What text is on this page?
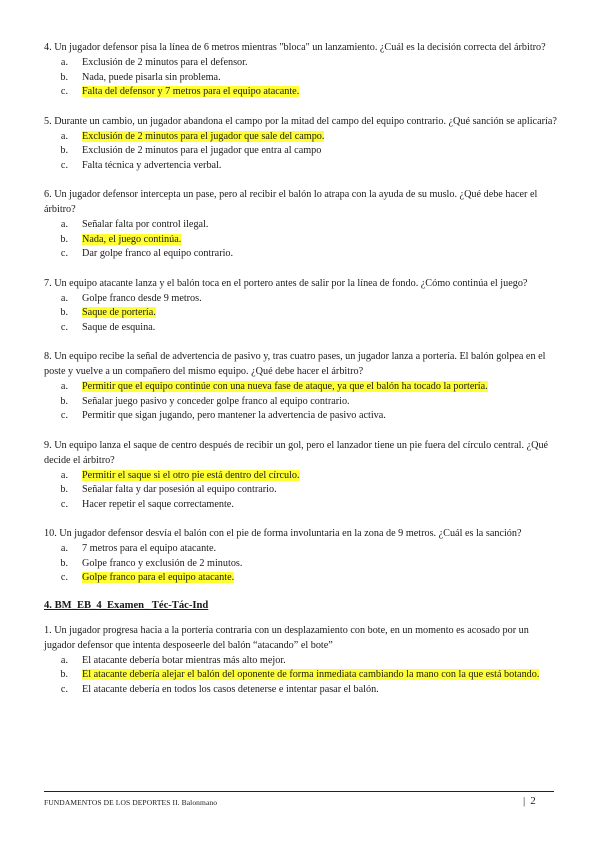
4. Un jugador defensor pisa la línea de 6 metros mientras "bloca" un lanzamiento. ¿Cuál es la decisión correcta del árbitro?

a.	Exclusión de 2 minutos para el defensor.
b.	Nada, puede pisarla sin problema.
c.	Falta del defensor y 7 metros para el equipo atacante.

5. Durante un cambio, un jugador abandona el campo por la mitad del campo del equipo contrario. ¿Qué sanción se aplicaría?

a.	Exclusión de 2 minutos para el jugador que sale del campo.
b.	Exclusión de 2 minutos para el jugador que entra al campo
c.	Falta técnica y advertencia verbal.

6. Un jugador defensor intercepta un pase, pero al recibir el balón lo atrapa con la ayuda de su muslo. ¿Qué debe hacer el árbitro?

a.	Señalar falta por control ilegal.
b.	Nada, el juego continúa.
c.	Dar golpe franco al equipo contrario.

7. Un equipo atacante lanza y el balón toca en el portero antes de salir por la línea de fondo. ¿Cómo continúa el juego?

a.	Golpe franco desde 9 metros.
b.	Saque de portería.
c.	Saque de esquina.

8. Un equipo recibe la señal de advertencia de pasivo y, tras cuatro pases, un jugador lanza a portería. El balón golpea en el poste y vuelve a un compañero del mismo equipo. ¿Qué debe hacer el árbitro?

a.	Permitir que el equipo continúe con una nueva fase de ataque, ya que el balón ha tocado la portería.
b.	Señalar juego pasivo y conceder golpe franco al equipo contrario.
c.	Permitir que sigan jugando, pero mantener la advertencia de pasivo activa.

9. Un equipo lanza el saque de centro después de recibir un gol, pero el lanzador tiene un pie fuera del círculo central. ¿Qué decide el árbitro?

a.	Permitir el saque si el otro pie está dentro del círculo.
b.	Señalar falta y dar posesión al equipo contrario.
c.	Hacer repetir el saque correctamente.

10. Un jugador defensor desvía el balón con el pie de forma involuntaria en la zona de 9 metros. ¿Cuál es la sanción?

a.	7 metros para el equipo atacante.
b.	Golpe franco y exclusión de 2 minutos.
c.	Golpe franco para el equipo atacante.
4. BM_EB_4_Examen_ Téc-Tác-Ind

1. Un jugador progresa hacia a la portería contraria con un desplazamiento con bote, en un momento es acosado por un jugador defensor que intenta desposeerle del balón “atacando” el bote”

a.	El atacante debería botar mientras más alto mejor.
b.	El atacante debería alejar el balón del oponente de forma inmediata cambiando la mano con la que está botando.
c.	El atacante debería en todos los casos detenerse e intentar pasar el balón.
FUNDAMENTOS DE LOS DEPORTES II. Balonmano	| 2
